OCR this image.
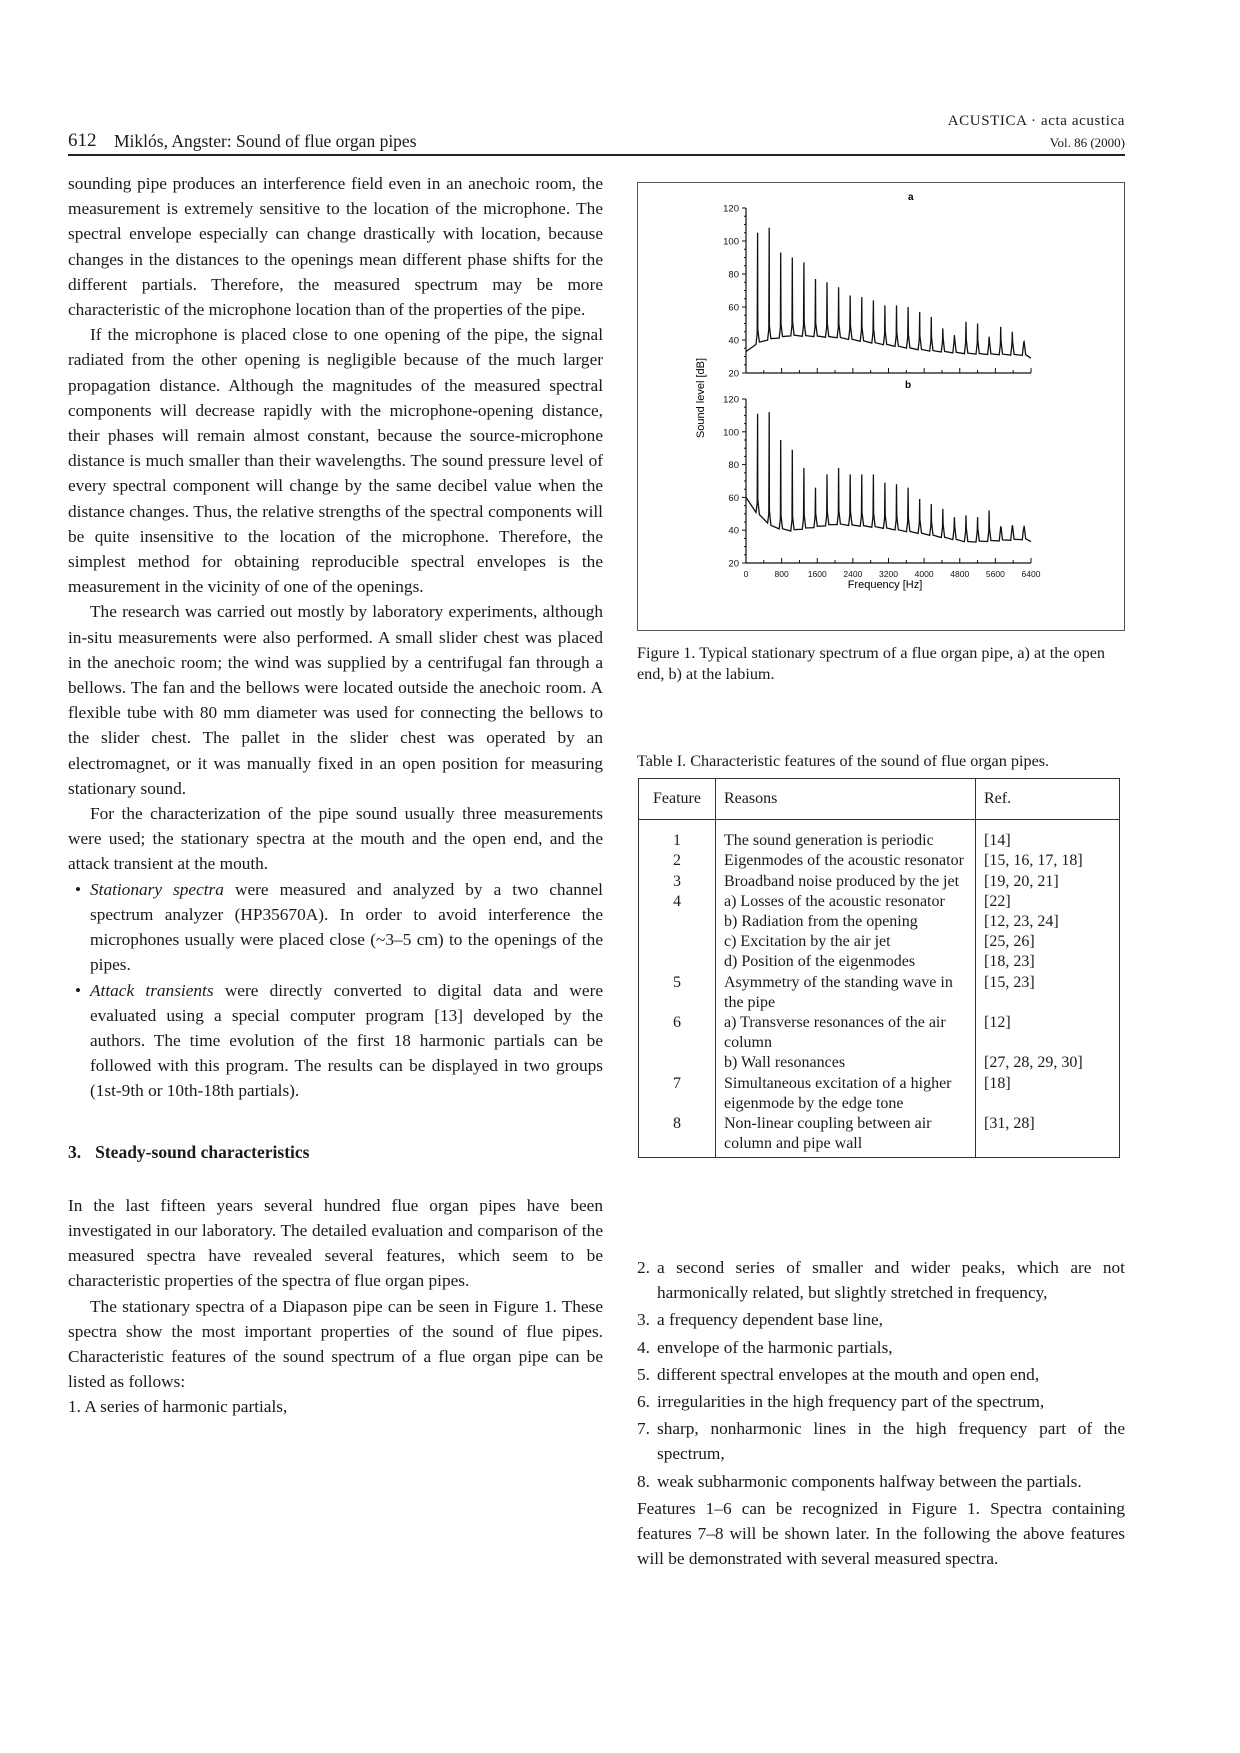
612 Miklós, Angster: Sound of flue organ pipes
ACUSTICA · acta acustica
Vol. 86 (2000)

sounding pipe produces an interference field even in an anechoic room, the measurement is extremely sensitive to the location of the microphone. The spectral envelope especially can change drastically with location, because changes in the distances to the openings mean different phase shifts for the different partials. Therefore, the measured spectrum may be more characteristic of the microphone location than of the properties of the pipe.

If the microphone is placed close to one opening of the pipe, the signal radiated from the other opening is negligible because of the much larger propagation distance. Although the magnitudes of the measured spectral components will decrease rapidly with the microphone-opening distance, their phases will remain almost constant, because the source-microphone distance is much smaller than their wavelengths. The sound pressure level of every spectral component will change by the same decibel value when the distance changes. Thus, the relative strengths of the spectral components will be quite insensitive to the location of the microphone. Therefore, the simplest method for obtaining reproducible spectral envelopes is the measurement in the vicinity of one of the openings.

The research was carried out mostly by laboratory experiments, although in-situ measurements were also performed. A small slider chest was placed in the anechoic room; the wind was supplied by a centrifugal fan through a bellows. The fan and the bellows were located outside the anechoic room. A flexible tube with 80 mm diameter was used for connecting the bellows to the slider chest. The pallet in the slider chest was operated by an electromagnet, or it was manually fixed in an open position for measuring stationary sound.

For the characterization of the pipe sound usually three measurements were used; the stationary spectra at the mouth and the open end, and the attack transient at the mouth.

• Stationary spectra were measured and analyzed by a two channel spectrum analyzer (HP35670A). In order to avoid interference the microphones usually were placed close (~3–5 cm) to the openings of the pipes.
• Attack transients were directly converted to digital data and were evaluated using a special computer program [13] developed by the authors. The time evolution of the first 18 harmonic partials can be followed with this program. The results can be displayed in two groups (1st-9th or 10th-18th partials).
3. Steady-sound characteristics

In the last fifteen years several hundred flue organ pipes have been investigated in our laboratory. The detailed evaluation and comparison of the measured spectra have revealed several features, which seem to be characteristic properties of the spectra of flue organ pipes.

The stationary spectra of a Diapason pipe can be seen in Figure 1. These spectra show the most important properties of the sound of flue pipes. Characteristic features of the sound spectrum of a flue organ pipe can be listed as follows:

1. A series of harmonic partials,

120
100
80
60
40
20
120
100
80
60
40
20
0	800 1600 2400 3200 4000 4800 5600 6400
a
b
Sound level [dB]
Frequency [Hz]
Figure 1. Typical stationary spectrum of a flue organ pipe, a) at the open end, b) at the labium.
Table I. Characteristic features of the sound of flue organ pipes.
Feature	Reasons	Ref.
1	The sound generation is periodic	[14]
2	Eigenmodes of the acoustic resonator	[15, 16, 17, 18]
3	Broadband noise produced by the jet	[19, 20, 21]
4	a) Losses of the acoustic resonator	[22]
	b) Radiation from the opening	[12, 23, 24]
	c) Excitation by the air jet	[25, 26]
	d) Position of the eigenmodes	[18, 23]
5	Asymmetry of the standing wave in the pipe	[15, 23]
6	a) Transverse resonances of the air column	[12]
	b) Wall resonances	[27, 28, 29, 30]
7	Simultaneous excitation of a higher eigenmode by the edge tone	[18]
8	Non-linear coupling between air column and pipe wall	[31, 28]
2. a second series of smaller and wider peaks, which are not harmonically related, but slightly stretched in frequency,
3. a frequency dependent base line,
4. envelope of the harmonic partials,
5. different spectral envelopes at the mouth and open end,
6. irregularities in the high frequency part of the spectrum,
7. sharp, nonharmonic lines in the high frequency part of the spectrum,
8. weak subharmonic components halfway between the partials.

Features 1–6 can be recognized in Figure 1. Spectra containing features 7–8 will be shown later. In the following the above features will be demonstrated with several measured spectra.
